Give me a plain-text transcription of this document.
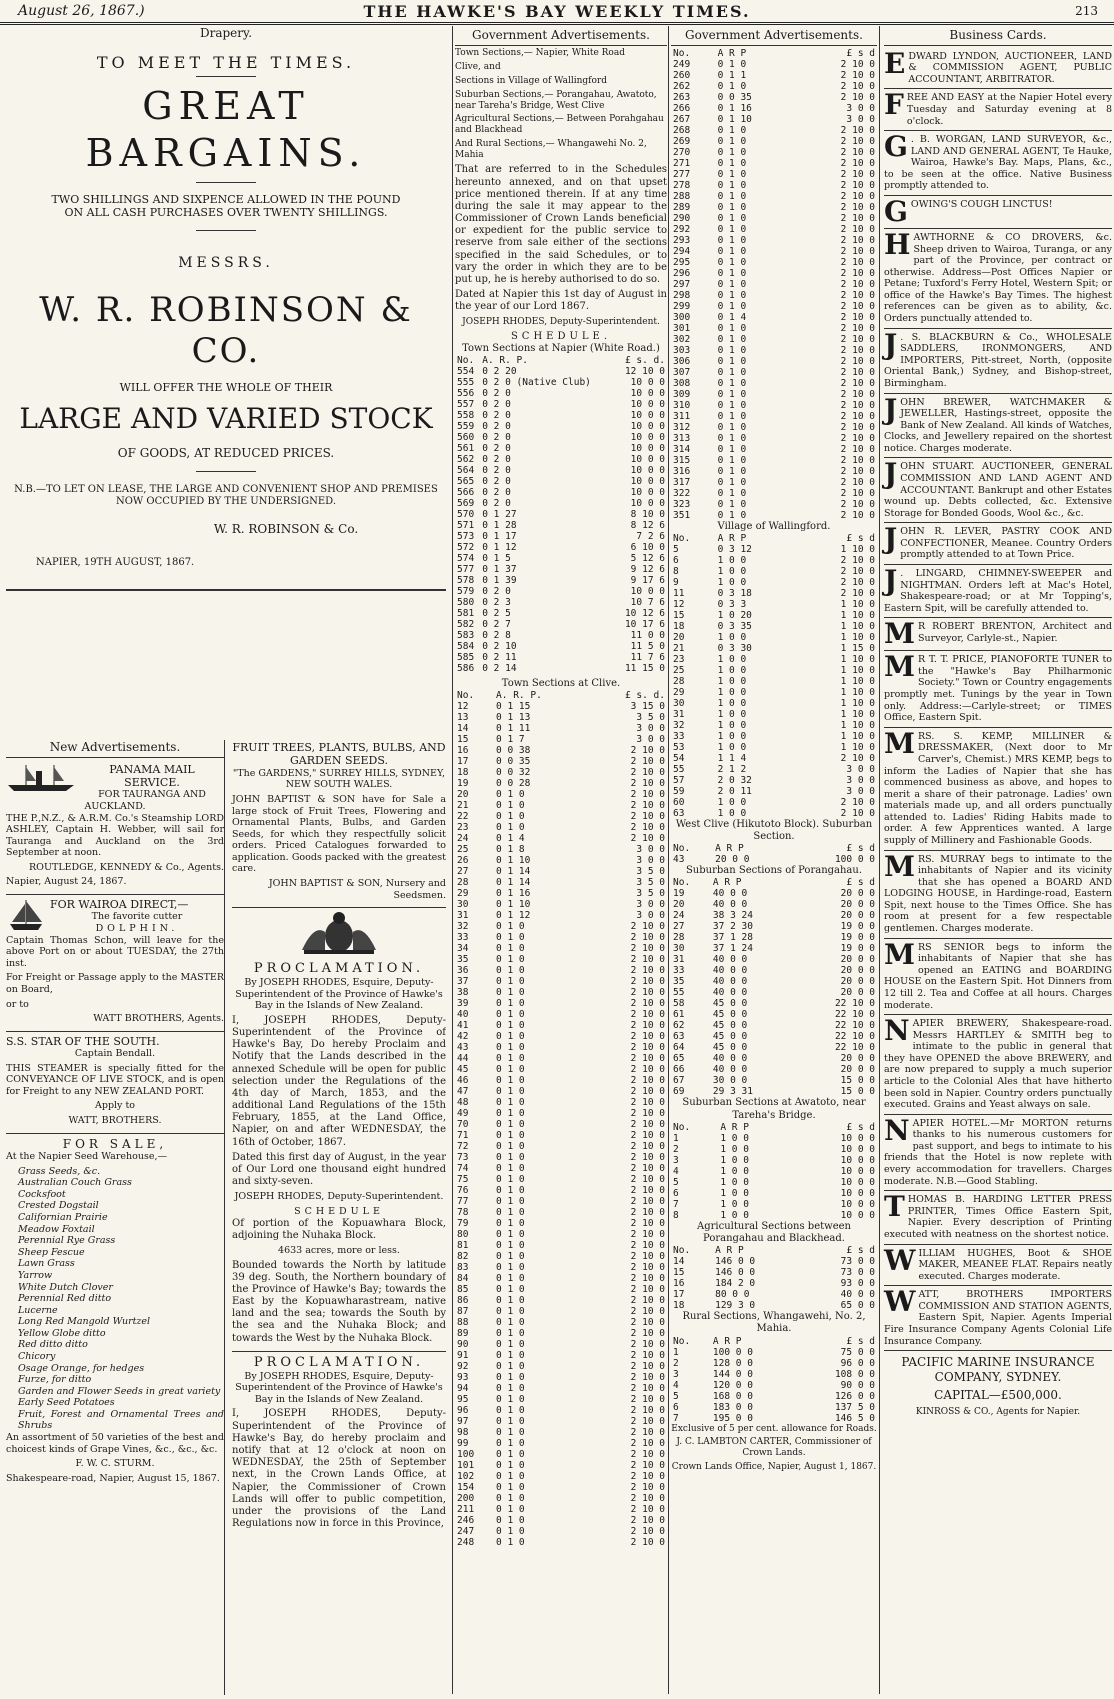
August 26, 1867.)	THE HAWKE'S BAY WEEKLY TIMES.	213
Drapery.
TO MEET THE TIMES.
GREAT BARGAINS.
TWO SHILLINGS AND SIXPENCE ALLOWED IN THE POUND
ON ALL CASH PURCHASES OVER TWENTY SHILLINGS.
MESSRS.
W. R. ROBINSON & CO.
WILL OFFER THE WHOLE OF THEIR
LARGE AND VARIED STOCK
OF GOODS, AT REDUCED PRICES.
N.B.—TO LET ON LEASE, THE LARGE AND CONVENIENT SHOP AND PREMISES NOW OCCUPIED BY THE UNDERSIGNED.
W. R. ROBINSON & Co.
NAPIER, 19TH AUGUST, 1867.
New Advertisements.
PANAMA MAIL SERVICE.
FOR TAURANGA AND AUCKLAND.

THE P.,N.Z., & A.R.M. Co.'s Steamship LORD ASHLEY, Captain H. Webber, will sail for Tauranga and Auckland on the 3rd September at noon.

ROUTLEDGE, KENNEDY & Co., Agents.

Napier, August 24, 1867.

FOR WAIROA DIRECT,—
The favorite cutter
DOLPHIN.

Captain Thomas Schon, will leave for the above Port on or about TUESDAY, the 27th inst.

For Freight or Passage apply to the MASTER on Board,

or to

WATT BROTHERS, Agents.

S.S. STAR OF THE SOUTH.

Captain Bendall.

THIS STEAMER is specially fitted for the CONVEYANCE OF LIVE STOCK, and is open for Freight to any NEW ZEALAND PORT.

Apply to

WATT, BROTHERS.

FOR SALE,

At the Napier Seed Warehouse,—

Grass Seeds, &c.
Australian Couch Grass
Cocksfoot
Crested Dogstail
Californian Prairie
Meadow Foxtail
Perennial Rye Grass
Sheep Fescue
Lawn Grass
Yarrow
White Dutch Clover
Perennial Red ditto
Lucerne
Long Red Mangold Wurtzel
Yellow Globe ditto
Red ditto ditto
Chicory
Osage Orange, for hedges
Furze, for ditto
Garden and Flower Seeds in great variety
Early Seed Potatoes
Fruit, Forest and Ornamental Trees and Shrubs

An assortment of 50 varieties of the best and choicest kinds of Grape Vines, &c., &c., &c.

F. W. C. STURM.

Shakespeare-road, Napier, August 15, 1867.

FRUIT TREES, PLANTS, BULBS, AND GARDEN SEEDS.

"The GARDENS," SURREY HILLS, SYDNEY, NEW SOUTH WALES.

JOHN BAPTIST & SON have for Sale a large stock of Fruit Trees, Flowering and Ornamental Plants, Bulbs, and Garden Seeds, for which they respectfully solicit orders. Priced Catalogues forwarded to application. Goods packed with the greatest care.

JOHN BAPTIST & SON, Nursery and Seedsmen.

PROCLAMATION.

By JOSEPH RHODES, Esquire, Deputy-Superintendent of the Province of Hawke's Bay in the Islands of New Zealand.

I, JOSEPH RHODES, Deputy-Superintendent of the Province of Hawke's Bay, Do hereby Proclaim and Notify that the Lands described in the annexed Schedule will be open for public selection under the Regulations of the 4th day of March, 1853, and the additional Land Regulations of the 15th February, 1855, at the Land Office, Napier, on and after WEDNESDAY, the 16th of October, 1867.

Dated this first day of August, in the year of Our Lord one thousand eight hundred and sixty-seven.

JOSEPH RHODES, Deputy-Superintendent.

SCHEDULE

Of portion of the Kopuawhara Block, adjoining the Nuhaka Block.

4633 acres, more or less.

Bounded towards the North by latitude 39 deg. South, the Northern boundary of the Province of Hawke's Bay; towards the East by the Kopuawharastream, native land and the sea; towards the South by the sea and the Nuhaka Block; and towards the West by the Nuhaka Block.

PROCLAMATION.

By JOSEPH RHODES, Esquire, Deputy-Superintendent of the Province of Hawke's Bay in the Islands of New Zealand.

I, JOSEPH RHODES, Deputy-Superintendent of the Province of Hawke's Bay, do hereby proclaim and notify that at 12 o'clock at noon on WEDNESDAY, the 25th of September next, in the Crown Lands Office, at Napier, the Commissioner of Crown Lands will offer to public competition, under the provisions of the Land Regulations now in force in this Province,

Government Advertisements.

Town Sections,— Napier, White Road

Clive, and

Sections in Village of Wallingford

Suburban Sections,— Porangahau, Awatoto, near Tareha's Bridge, West Clive

Agricultural Sections,— Between Porahgahau and Blackhead

And Rural Sections,— Whangawehi No. 2, Mahia

That are referred to in the Schedules hereunto annexed, and on that upset price mentioned therein. If at any time during the sale it may appear to the Commissioner of Crown Lands beneficial or expedient for the public service to reserve from sale either of the sections specified in the said Schedules, or to vary the order in which they are to be put up, he is hereby authorised to do so.

Dated at Napier this 1st day of August in the year of our Lord 1867.

JOSEPH RHODES, Deputy-Superintendent.

SCHEDULE.
Town Sections at Napier (White Road.)
No.	A. R. P.	£ s. d.
554	0 2 20	12 10 0
555	0 2 0 (Native Club)	10 0 0
556	0 2 0	10 0 0
557	0 2 0	10 0 0
558	0 2 0	10 0 0
559	0 2 0	10 0 0
560	0 2 0	10 0 0
561	0 2 0	10 0 0
562	0 2 0	10 0 0
564	0 2 0	10 0 0
565	0 2 0	10 0 0
566	0 2 0	10 0 0
569	0 2 0	10 0 0
570	0 1 27	8 10 0
571	0 1 28	8 12 6
573	0 1 17	7 2 6
572	0 1 12	6 10 0
574	0 1 5	5 12 6
577	0 1 37	9 12 6
578	0 1 39	9 17 6
579	0 2 0	10 0 0
580	0 2 3	10 7 6
581	0 2 5	10 12 6
582	0 2 7	10 17 6
583	0 2 8	11 0 0
584	0 2 10	11 5 0
585	0 2 11	11 7 6
586	0 2 14	11 15 0
Town Sections at Clive.
No.	A. R. P.	£ s. d.
12	0 1 15	3 15 0
13	0 1 13	3 5 0
14	0 1 11	3 0 0
15	0 1 7	3 0 0
16	0 0 38	2 10 0
17	0 0 35	2 10 0
18	0 0 32	2 10 0
19	0 0 28	2 10 0
20	0 1 0	2 10 0
21	0 1 0	2 10 0
22	0 1 0	2 10 0
23	0 1 0	2 10 0
24	0 1 4	2 10 0
25	0 1 8	3 0 0
26	0 1 10	3 0 0
27	0 1 14	3 5 0
28	0 1 14	3 5 0
29	0 1 16	3 5 0
30	0 1 10	3 0 0
31	0 1 12	3 0 0
32	0 1 0	2 10 0
33	0 1 0	2 10 0
34	0 1 0	2 10 0
35	0 1 0	2 10 0
36	0 1 0	2 10 0
37	0 1 0	2 10 0
38	0 1 0	2 10 0
39	0 1 0	2 10 0
40	0 1 0	2 10 0
41	0 1 0	2 10 0
42	0 1 0	2 10 0
43	0 1 0	2 10 0
44	0 1 0	2 10 0
45	0 1 0	2 10 0
46	0 1 0	2 10 0
47	0 1 0	2 10 0
48	0 1 0	2 10 0
49	0 1 0	2 10 0
70	0 1 0	2 10 0
71	0 1 0	2 10 0
72	0 1 0	2 10 0
73	0 1 0	2 10 0
74	0 1 0	2 10 0
75	0 1 0	2 10 0
76	0 1 0	2 10 0
77	0 1 0	2 10 0
78	0 1 0	2 10 0
79	0 1 0	2 10 0
80	0 1 0	2 10 0
81	0 1 0	2 10 0
82	0 1 0	2 10 0
83	0 1 0	2 10 0
84	0 1 0	2 10 0
85	0 1 0	2 10 0
86	0 1 0	2 10 0
87	0 1 0	2 10 0
88	0 1 0	2 10 0
89	0 1 0	2 10 0
90	0 1 0	2 10 0
91	0 1 0	2 10 0
92	0 1 0	2 10 0
93	0 1 0	2 10 0
94	0 1 0	2 10 0
95	0 1 0	2 10 0
96	0 1 0	2 10 0
97	0 1 0	2 10 0
98	0 1 0	2 10 0
99	0 1 0	2 10 0
100	0 1 0	2 10 0
101	0 1 0	2 10 0
102	0 1 0	2 10 0
154	0 1 0	2 10 0
200	0 1 0	2 10 0
211	0 1 0	2 10 0
246	0 1 0	2 10 0
247	0 1 0	2 10 0
248	0 1 0	2 10 0
Government Advertisements.
No.	A R P	£ s d
249	0 1 0	2 10 0
260	0 1 1	2 10 0
262	0 1 0	2 10 0
263	0 0 35	2 10 0
266	0 1 16	3 0 0
267	0 1 10	3 0 0
268	0 1 0	2 10 0
269	0 1 0	2 10 0
270	0 1 0	2 10 0
271	0 1 0	2 10 0
277	0 1 0	2 10 0
278	0 1 0	2 10 0
288	0 1 0	2 10 0
289	0 1 0	2 10 0
290	0 1 0	2 10 0
292	0 1 0	2 10 0
293	0 1 0	2 10 0
294	0 1 0	2 10 0
295	0 1 0	2 10 0
296	0 1 0	2 10 0
297	0 1 0	2 10 0
298	0 1 0	2 10 0
299	0 1 0	2 10 0
300	0 1 4	2 10 0
301	0 1 0	2 10 0
302	0 1 0	2 10 0
303	0 1 0	2 10 0
306	0 1 0	2 10 0
307	0 1 0	2 10 0
308	0 1 0	2 10 0
309	0 1 0	2 10 0
310	0 1 0	2 10 0
311	0 1 0	2 10 0
312	0 1 0	2 10 0
313	0 1 0	2 10 0
314	0 1 0	2 10 0
315	0 1 0	2 10 0
316	0 1 0	2 10 0
317	0 1 0	2 10 0
322	0 1 0	2 10 0
323	0 1 0	2 10 0
351	0 1 0	2 10 0
Village of Wallingford.
No.	A R P	£ s d
5	0 3 12	1 10 0
6	1 0 0	2 10 0
8	1 0 0	2 10 0
9	1 0 0	2 10 0
11	0 3 18	2 10 0
12	0 3 3	1 10 0
15	1 0 20	1 10 0
18	0 3 35	1 10 0
20	1 0 0	1 10 0
21	0 3 30	1 15 0
23	1 0 0	1 10 0
25	1 0 0	1 10 0
28	1 0 0	1 10 0
29	1 0 0	1 10 0
30	1 0 0	1 10 0
31	1 0 0	1 10 0
32	1 0 0	1 10 0
33	1 0 0	1 10 0
53	1 0 0	1 10 0
54	1 1 4	2 10 0
55	2 1 2	3 0 0
57	2 0 32	3 0 0
59	2 0 11	3 0 0
60	1 0 0	2 10 0
63	1 0 0	2 10 0
West Clive (Hikutoto Block). Suburban Section.
No.	A R P	£ s d
43	20 0 0	100 0 0
Suburban Sections of Porangahau.
No.	A R P	£ s d
19	40 0 0	20 0 0
20	40 0 0	20 0 0
24	38 3 24	20 0 0
27	37 2 30	19 0 0
28	37 1 28	19 0 0
30	37 1 24	19 0 0
31	40 0 0	20 0 0
33	40 0 0	20 0 0
35	40 0 0	20 0 0
55	40 0 0	20 0 0
58	45 0 0	22 10 0
61	45 0 0	22 10 0
62	45 0 0	22 10 0
63	45 0 0	22 10 0
64	45 0 0	22 10 0
65	40 0 0	20 0 0
66	40 0 0	20 0 0
67	30 0 0	15 0 0
69	29 3 31	15 0 0
Suburban Sections at Awatoto, near Tareha's Bridge.
No.	A R P	£ s d
1	1 0 0	10 0 0
2	1 0 0	10 0 0
3	1 0 0	10 0 0
4	1 0 0	10 0 0
5	1 0 0	10 0 0
6	1 0 0	10 0 0
7	1 0 0	10 0 0
8	1 0 0	10 0 0
Agricultural Sections between Porangahau and Blackhead.
No.	A R P	£ s d
14	146 0 0	73 0 0
15	146 0 0	73 0 0
16	184 2 0	93 0 0
17	80 0 0	40 0 0
18	129 3 0	65 0 0
Rural Sections, Whangawehi, No. 2, Mahia.
No.	A R P	£ s d
1	100 0 0	75 0 0
2	128 0 0	96 0 0
3	144 0 0	108 0 0
4	120 0 0	90 0 0
5	168 0 0	126 0 0
6	183 0 0	137 5 0
7	195 0 0	146 5 0

Exclusive of 5 per cent. allowance for Roads.

J. C. LAMBTON CARTER, Commissioner of Crown Lands.

Crown Lands Office, Napier, August 1, 1867.

Business Cards.
EDWARD LYNDON, AUCTIONEER, LAND & COMMISSION AGENT, PUBLIC ACCOUNTANT, ARBITRATOR.
FREE AND EASY at the Napier Hotel every Tuesday and Saturday evening at 8 o'clock.
G . B. WORGAN, LAND SURVEYOR, &c., LAND AND GENERAL AGENT, Te Hauke, Wairoa, Hawke's Bay. Maps, Plans, &c., to be seen at the office. Native Business promptly attended to.
GOWING'S COUGH LINCTUS!
HAWTHORNE & CO DROVERS, &c. Sheep driven to Wairoa, Turanga, or any part of the Province, per contract or otherwise. Address—Post Offices Napier or Petane; Tuxford's Ferry Hotel, Western Spit; or office of the Hawke's Bay Times. The highest references can be given as to ability, &c. Orders punctually attended to.
J . S. BLACKBURN & Co., WHOLESALE SADDLERS, IRONMONGERS, AND IMPORTERS, Pitt-street, North, (opposite Oriental Bank,) Sydney, and Bishop-street, Birmingham.
JOHN BREWER, WATCHMAKER & JEWELLER, Hastings-street, opposite the Bank of New Zealand. All kinds of Watches, Clocks, and Jewellery repaired on the shortest notice. Charges moderate.
JOHN STUART. AUCTIONEER, GENERAL COMMISSION AND LAND AGENT AND ACCOUNTANT. Bankrupt and other Estates wound up. Debts collected, &c. Extensive Storage for Bonded Goods, Wool &c., &c.
JOHN R. LEVER, PASTRY COOK AND CONFECTIONER, Meanee. Country Orders promptly attended to at Town Price.
J . LINGARD, CHIMNEY-SWEEPER and NIGHTMAN. Orders left at Mac's Hotel, Shakespeare-road; or at Mr Topping's, Eastern Spit, will be carefully attended to.
M R ROBERT BRENTON, Architect and Surveyor, Carlyle-st., Napier.
M R T. T. PRICE, PIANOFORTE TUNER to the "Hawke's Bay Philharmonic Society." Town or Country engagements promptly met. Tunings by the year in Town only. Address:—Carlyle-street; or TIMES Office, Eastern Spit.
MRS. S. KEMP, MILLINER & DRESSMAKER, (Next door to Mr Carver's, Chemist.) MRS KEMP, begs to inform the Ladies of Napier that she has commenced business as above, and hopes to merit a share of their patronage. Ladies' own materials made up, and all orders punctually attended to. Ladies' Riding Habits made to order. A few Apprentices wanted. A large supply of Millinery and Fashionable Goods.
MRS. MURRAY begs to intimate to the inhabitants of Napier and its vicinity that she has opened a BOARD AND LODGING HOUSE, in Hardinge-road, Eastern Spit, next house to the Times Office. She has room at present for a few respectable gentlemen. Charges moderate.
MRS SENIOR begs to inform the inhabitants of Napier that she has opened an EATING and BOARDING HOUSE on the Eastern Spit. Hot Dinners from 12 till 2. Tea and Coffee at all hours. Charges moderate.
NAPIER BREWERY, Shakespeare-road. Messrs HARTLEY & SMITH beg to intimate to the public in general that they have OPENED the above BREWERY, and are now prepared to supply a much superior article to the Colonial Ales that have hitherto been sold in Napier. Country orders punctually executed. Grains and Yeast always on sale.
NAPIER HOTEL.—Mr MORTON returns thanks to his numerous customers for past support, and begs to intimate to his friends that the Hotel is now replete with every accommodation for travellers. Charges moderate. N.B.—Good Stabling.
THOMAS B. HARDING LETTER PRESS PRINTER, Times Office Eastern Spit, Napier. Every description of Printing executed with neatness on the shortest notice.
WILLIAM HUGHES, Boot & SHOE MAKER, MEANEE FLAT. Repairs neatly executed. Charges moderate.
WATT, BROTHERS IMPORTERS COMMISSION AND STATION AGENTS, Eastern Spit, Napier. Agents Imperial Fire Insurance Company Agents Colonial Life Insurance Company.
PACIFIC MARINE INSURANCE COMPANY, SYDNEY.
CAPITAL—£500,000.
KINROSS & CO., Agents for Napier.
